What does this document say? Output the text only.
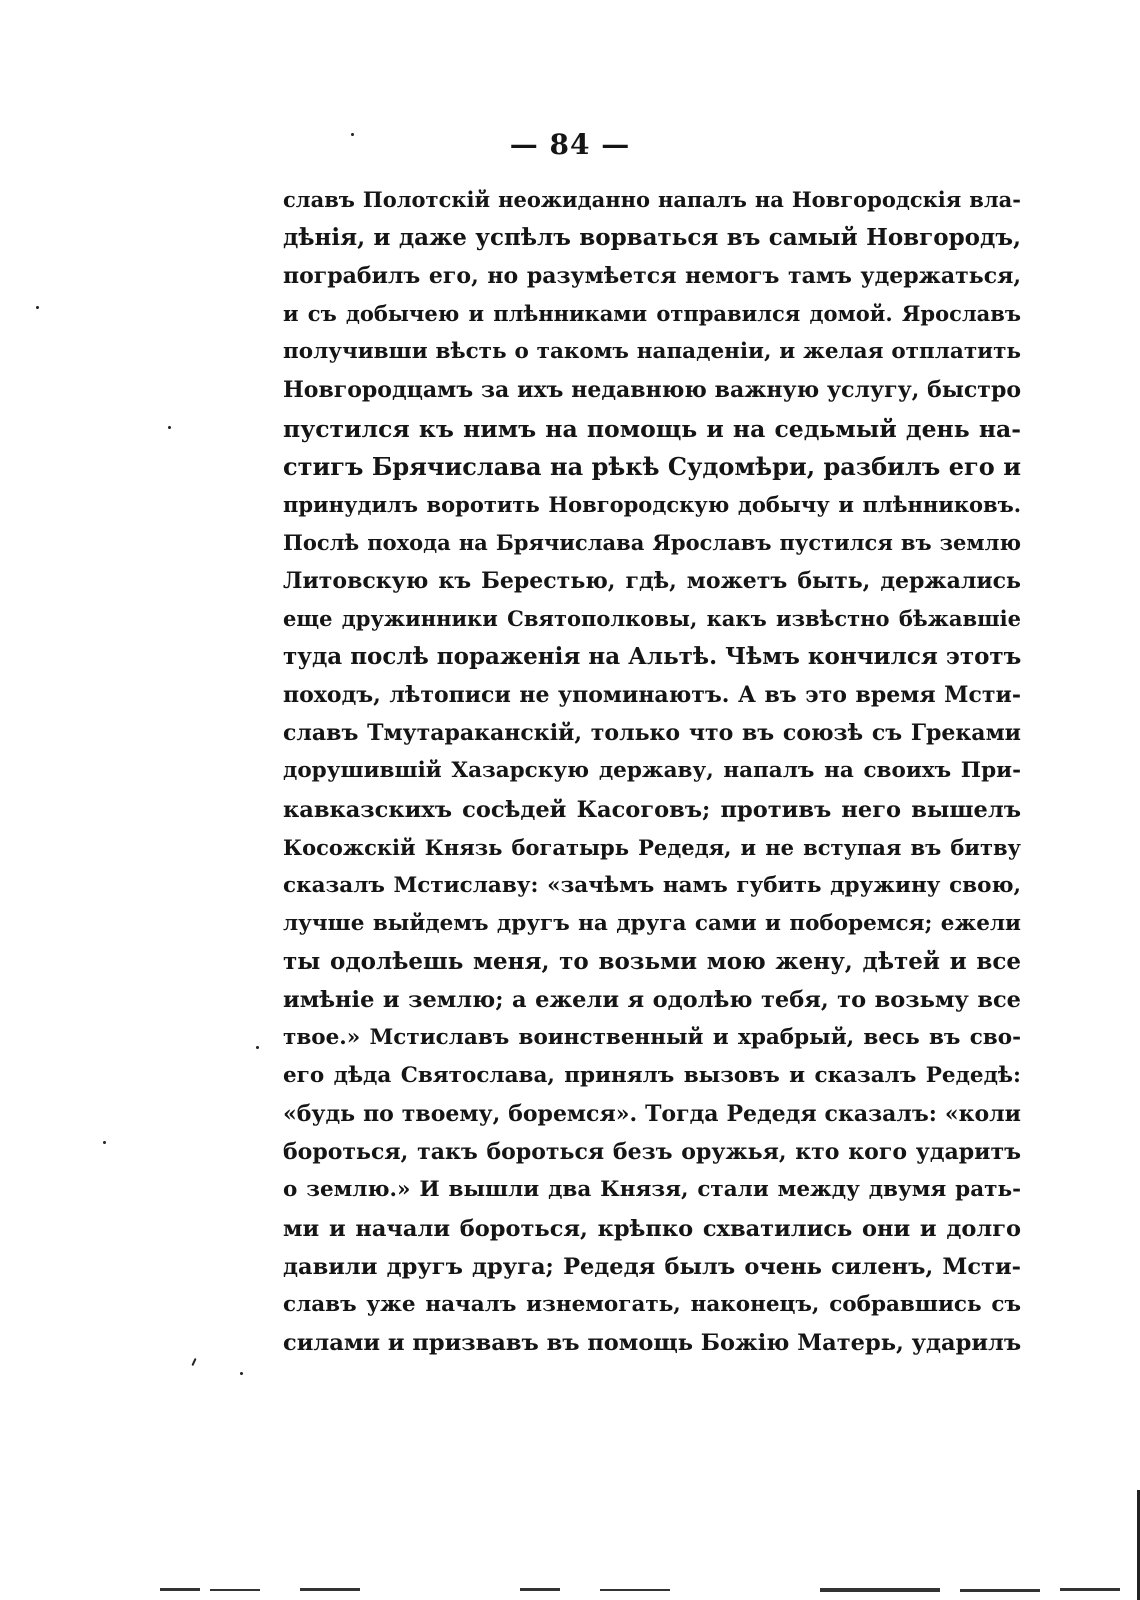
— 84 —
славъ Полотскій неожиданно напалъ на Новгородскія вла-
дѣнія, и даже успѣлъ ворваться въ самый Новгородъ,
пограбилъ его, но разумѣется немогъ тамъ удержаться,
и съ добычею и плѣнниками отправился домой. Ярославъ
получивши вѣсть о такомъ нападеніи, и желая отплатить
Новгородцамъ за ихъ недавнюю важную услугу, быстро
пустился къ нимъ на помощь и на седьмый день на-
стигъ Брячислава на рѣкѣ Судомѣри, разбилъ его и
принудилъ воротить Новгородскую добычу и плѣнниковъ.
Послѣ похода на Брячислава Ярославъ пустился въ землю
Литовскую къ Берестью, гдѣ, можетъ быть, держались
еще дружинники Святополковы, какъ извѣстно бѣжавшіе
туда послѣ пораженія на Альтѣ. Чѣмъ кончился этотъ
походъ, лѣтописи не упоминаютъ. А въ это время Мсти-
славъ Тмутараканскій, только что въ союзѣ съ Греками
дорушившій Хазарскую державу, напалъ на своихъ При-
кавказскихъ сосѣдей Касоговъ; противъ него вышелъ
Косожскій Князь богатырь Редедя, и не вступая въ битву
сказалъ Мстиславу: «зачѣмъ намъ губить дружину свою,
лучше выйдемъ другъ на друга сами и поборемся; ежели
ты одолѣешь меня, то возьми мою жену, дѣтей и все
имѣніе и землю; а ежели я одолѣю тебя, то возьму все
твое.» Мстиславъ воинственный и храбрый, весь въ сво-
его дѣда Святослава, принялъ вызовъ и сказалъ Редедѣ:
«будь по твоему, боремся». Тогда Редедя сказалъ: «коли
бороться, такъ бороться безъ оружья, кто кого ударитъ
о землю.» И вышли два Князя, стали между двумя рать-
ми и начали бороться, крѣпко схватились они и долго
давили другъ друга; Редедя былъ очень силенъ, Мсти-
славъ уже началъ изнемогать, наконецъ, собравшись съ
силами и призвавъ въ помощь Божію Матерь, ударилъ
